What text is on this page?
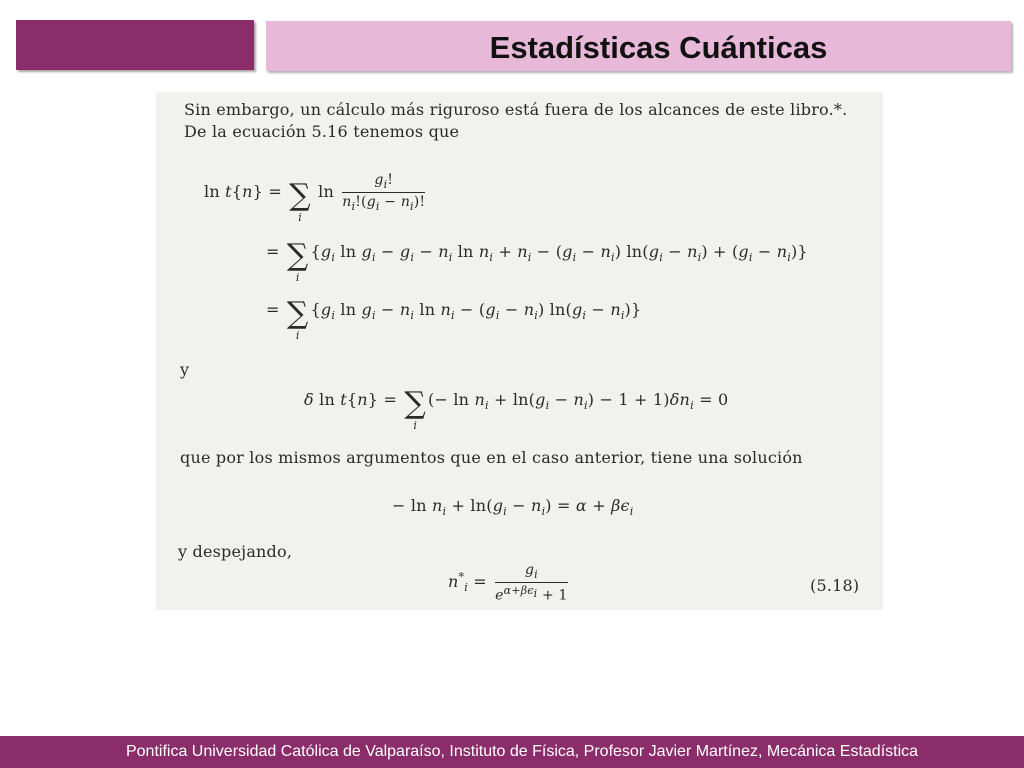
Estadísticas Cuánticas
Sin embargo, un cálculo más riguroso está fuera de los alcances de este libro.*.
De la ecuación 5.16 tenemos que
ln t{n} = ∑
i
$\ln \frac{g_i!}{n_i!(g_i - n_i)!}$
= ∑
i
{$g_i$ $\ln g_i - g_i - n_i$ $\ln n_i + n_i - (g_i - n_i) \ln(g_i - n_i) + (g_i - n_i)$}
= ∑
i
{$g_i$ $\ln g_i - n_i$ $\ln n_i - (g_i - n_i) \ln(g_i - n_i)$}
y
δ ln t{n} = ∑
i
(− $\ln n_i + \ln(g_i - n_i) - 1 + 1)\delta n_i = 0$
que por los mismos argumentos que en el caso anterior, tiene una solución
− $\ln n_i + \ln(g_i - n_i) = \alpha + \beta\epsilon_i$
y despejando,
$n^*_i = \frac{g_i}{e^{\alpha+\beta\epsilon_i} + 1}$	(5.18)
Pontifica Universidad Católica de Valparaíso, Instituto de Física, Profesor Javier Martínez, Mecánica Estadística
